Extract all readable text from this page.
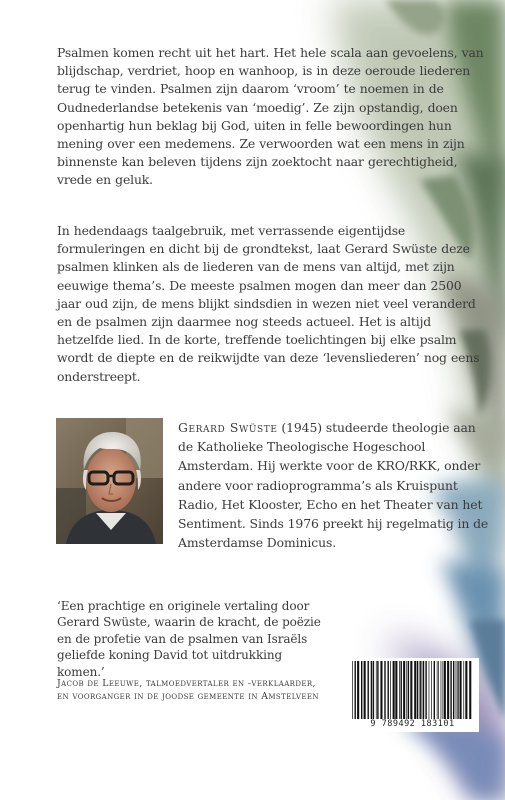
Psalmen komen recht uit het hart. Het hele scala aan gevoelens, van blijdschap, verdriet, hoop en wanhoop, is in deze oeroude liederen terug te vinden. Psalmen zijn daarom ‘vroom’ te noemen in de Oudnederlandse betekenis van ‘moedig’. Ze zijn opstandig, doen openhartig hun beklag bij God, uiten in felle bewoordingen hun mening over een medemens. Ze verwoorden wat een mens in zijn binnenste kan beleven tijdens zijn zoektocht naar gerechtigheid, vrede en geluk.

In hedendaags taalgebruik, met verrassende eigentijdse formuleringen en dicht bij de grondtekst, laat Gerard Swüste deze psalmen klinken als de liederen van de mens van altijd, met zijn eeuwige thema’s. De meeste psalmen mogen dan meer dan 2500 jaar oud zijn, de mens blijkt sindsdien in wezen niet veel veranderd en de psalmen zijn daarmee nog steeds actueel. Het is altijd hetzelfde lied. In de korte, treffende toelichtingen bij elke psalm wordt de diepte en de reikwijdte van deze ‘levensliederen’ nog eens onderstreept.

Gerard Swüste (1945) studeerde theologie aan de Katholieke Theologische Hogeschool Amsterdam. Hij werkte voor de KRO/RKK, onder andere voor radioprogramma’s als Kruispunt Radio, Het Klooster, Echo en het Theater van het Sentiment. Sinds 1976 preekt hij regelmatig in de Amsterdamse Dominicus.

‘Een prachtige en originele vertaling door Gerard Swüste, waarin de kracht, de poëzie en de profetie van de psalmen van Israëls geliefde koning David tot uitdrukking komen.’

Jacob de Leeuwe, talmoedvertaler en -verklaarder, en voorganger in de joodse gemeente in Amstelveen

9 789492 183101
